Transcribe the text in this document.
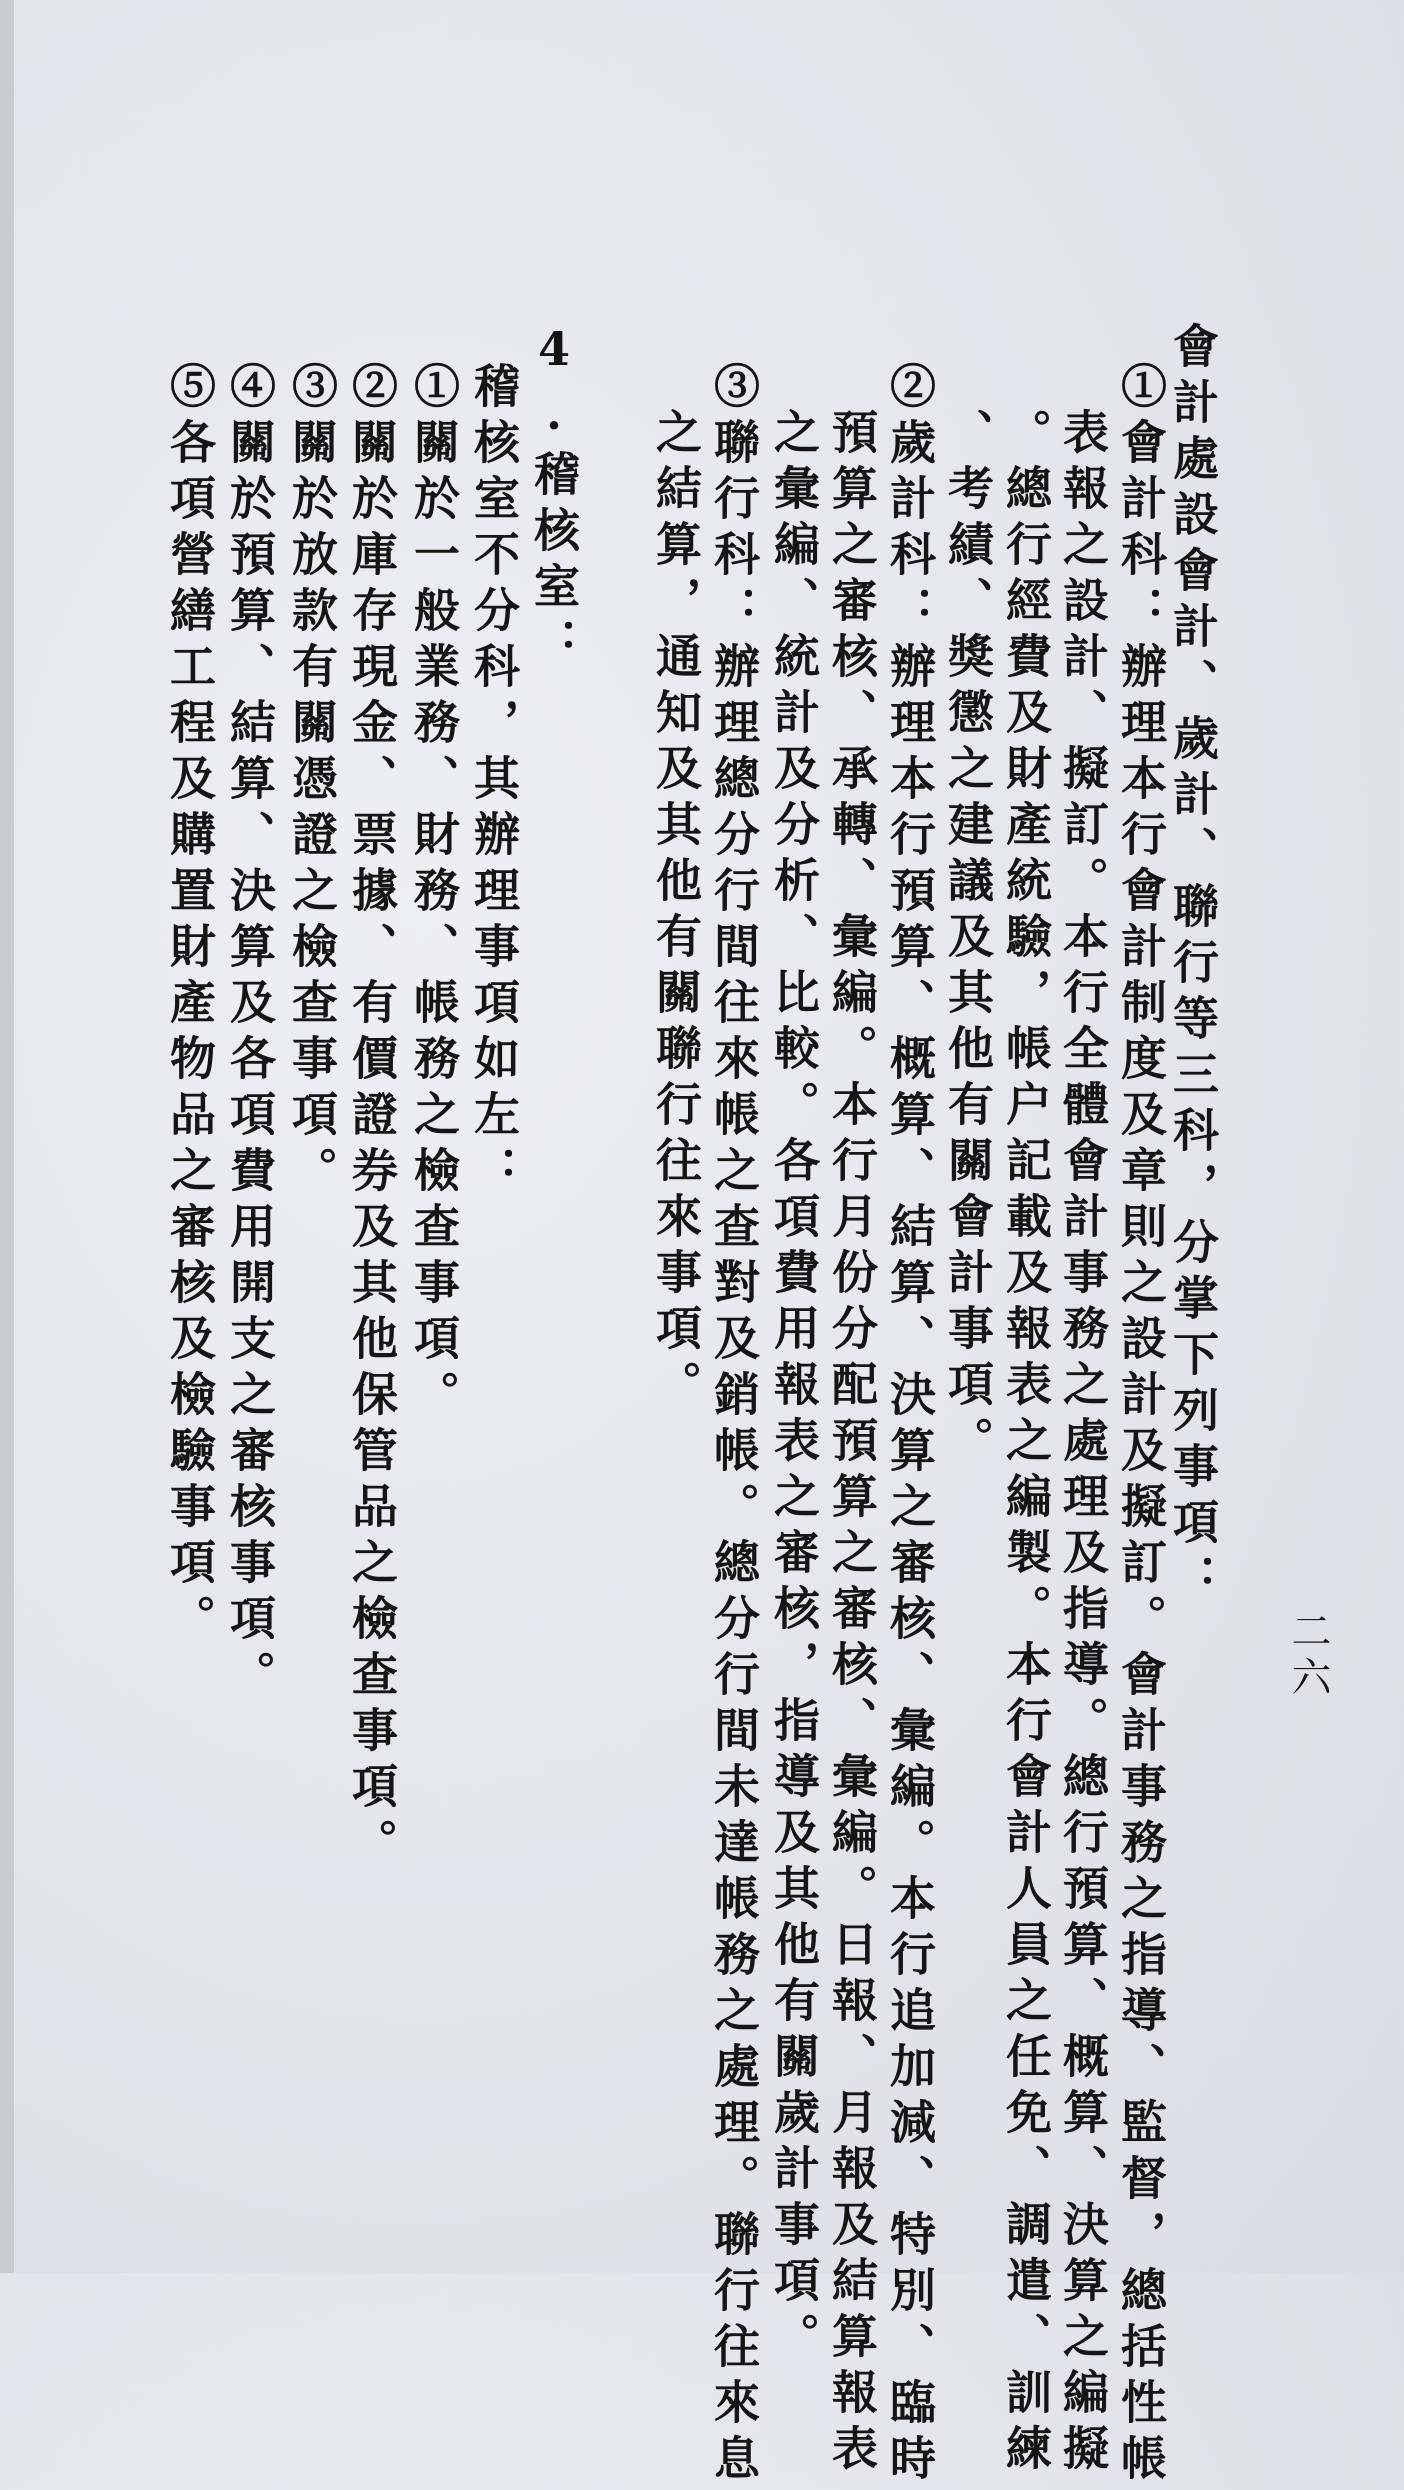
會計處設會計、歲計、聯行等三科，分掌下列事項：
①會計科：辦理本行會計制度及章則之設計及擬訂。會計事務之指導、監督，總括性帳
表報之設計、擬訂。本行全體會計事務之處理及指導。總行預算、概算、決算之編擬
。總行經費及財產統驗，帳户記載及報表之編製。本行會計人員之任免、調遣、訓練
、考績、獎懲之建議及其他有關會計事項。
②歲計科：辦理本行預算、概算、結算、決算之審核、彙編。本行追加減、特別、臨時
預算之審核、承轉、彙編。本行月份分配預算之審核、彙編。日報、月報及結算報表
之彙編、統計及分析、比較。各項費用報表之審核，指導及其他有關歲計事項。
③聯行科：辦理總分行間往來帳之查對及銷帳。總分行間未達帳務之處理。聯行往來息
之結算，通知及其他有關聯行往來事項。
4.稽核室：
稽核室不分科，其辦理事項如左：
①關於一般業務、財務、帳務之檢查事項。
②關於庫存現金、票據、有價證券及其他保管品之檢查事項。
③關於放款有關憑證之檢查事項。
④關於預算、結算、決算及各項費用開支之審核事項。
⑤各項營繕工程及購置財產物品之審核及檢驗事項。
二六
